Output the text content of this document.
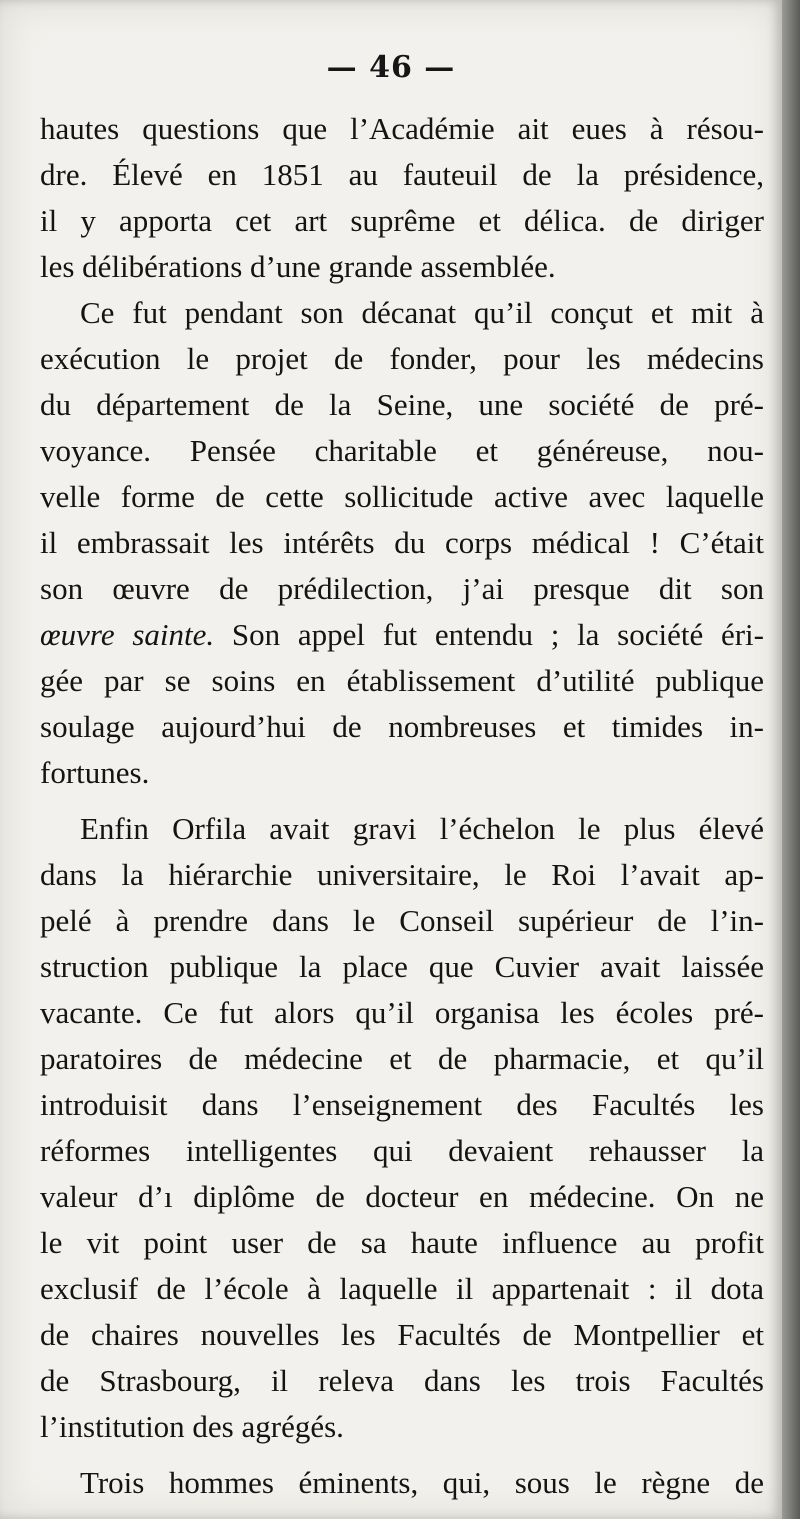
— 46 —
hautes questions que l’Académie ait eues à résou-
dre. Élevé en 1851 au fauteuil de la présidence,
il y apporta cet art suprême et délica. de diriger
les délibérations d’une grande assemblée.
Ce fut pendant son décanat qu’il conçut et mit à
exécution le projet de fonder, pour les médecins
du département de la Seine, une société de pré-
voyance. Pensée charitable et généreuse, nou-
velle forme de cette sollicitude active avec laquelle
il embrassait les intérêts du corps médical ! C’était
son œuvre de prédilection, j’ai presque dit son
œuvre sainte. Son appel fut entendu ; la société éri-
gée par se soins en établissement d’utilité publique
soulage aujourd’hui de nombreuses et timides in-
fortunes.
Enfin Orfila avait gravi l’échelon le plus élevé
dans la hiérarchie universitaire, le Roi l’avait ap-
pelé à prendre dans le Conseil supérieur de l’in-
struction publique la place que Cuvier avait laissée
vacante. Ce fut alors qu’il organisa les écoles pré-
paratoires de médecine et de pharmacie, et qu’il
introduisit dans l’enseignement des Facultés les
réformes intelligentes qui devaient rehausser la
valeur d’ı diplôme de docteur en médecine. On ne
le vit point user de sa haute influence au profit
exclusif de l’école à laquelle il appartenait : il dota
de chaires nouvelles les Facultés de Montpellier et
de Strasbourg, il releva dans les trois Facultés
l’institution des agrégés.
Trois hommes éminents, qui, sous le règne de
